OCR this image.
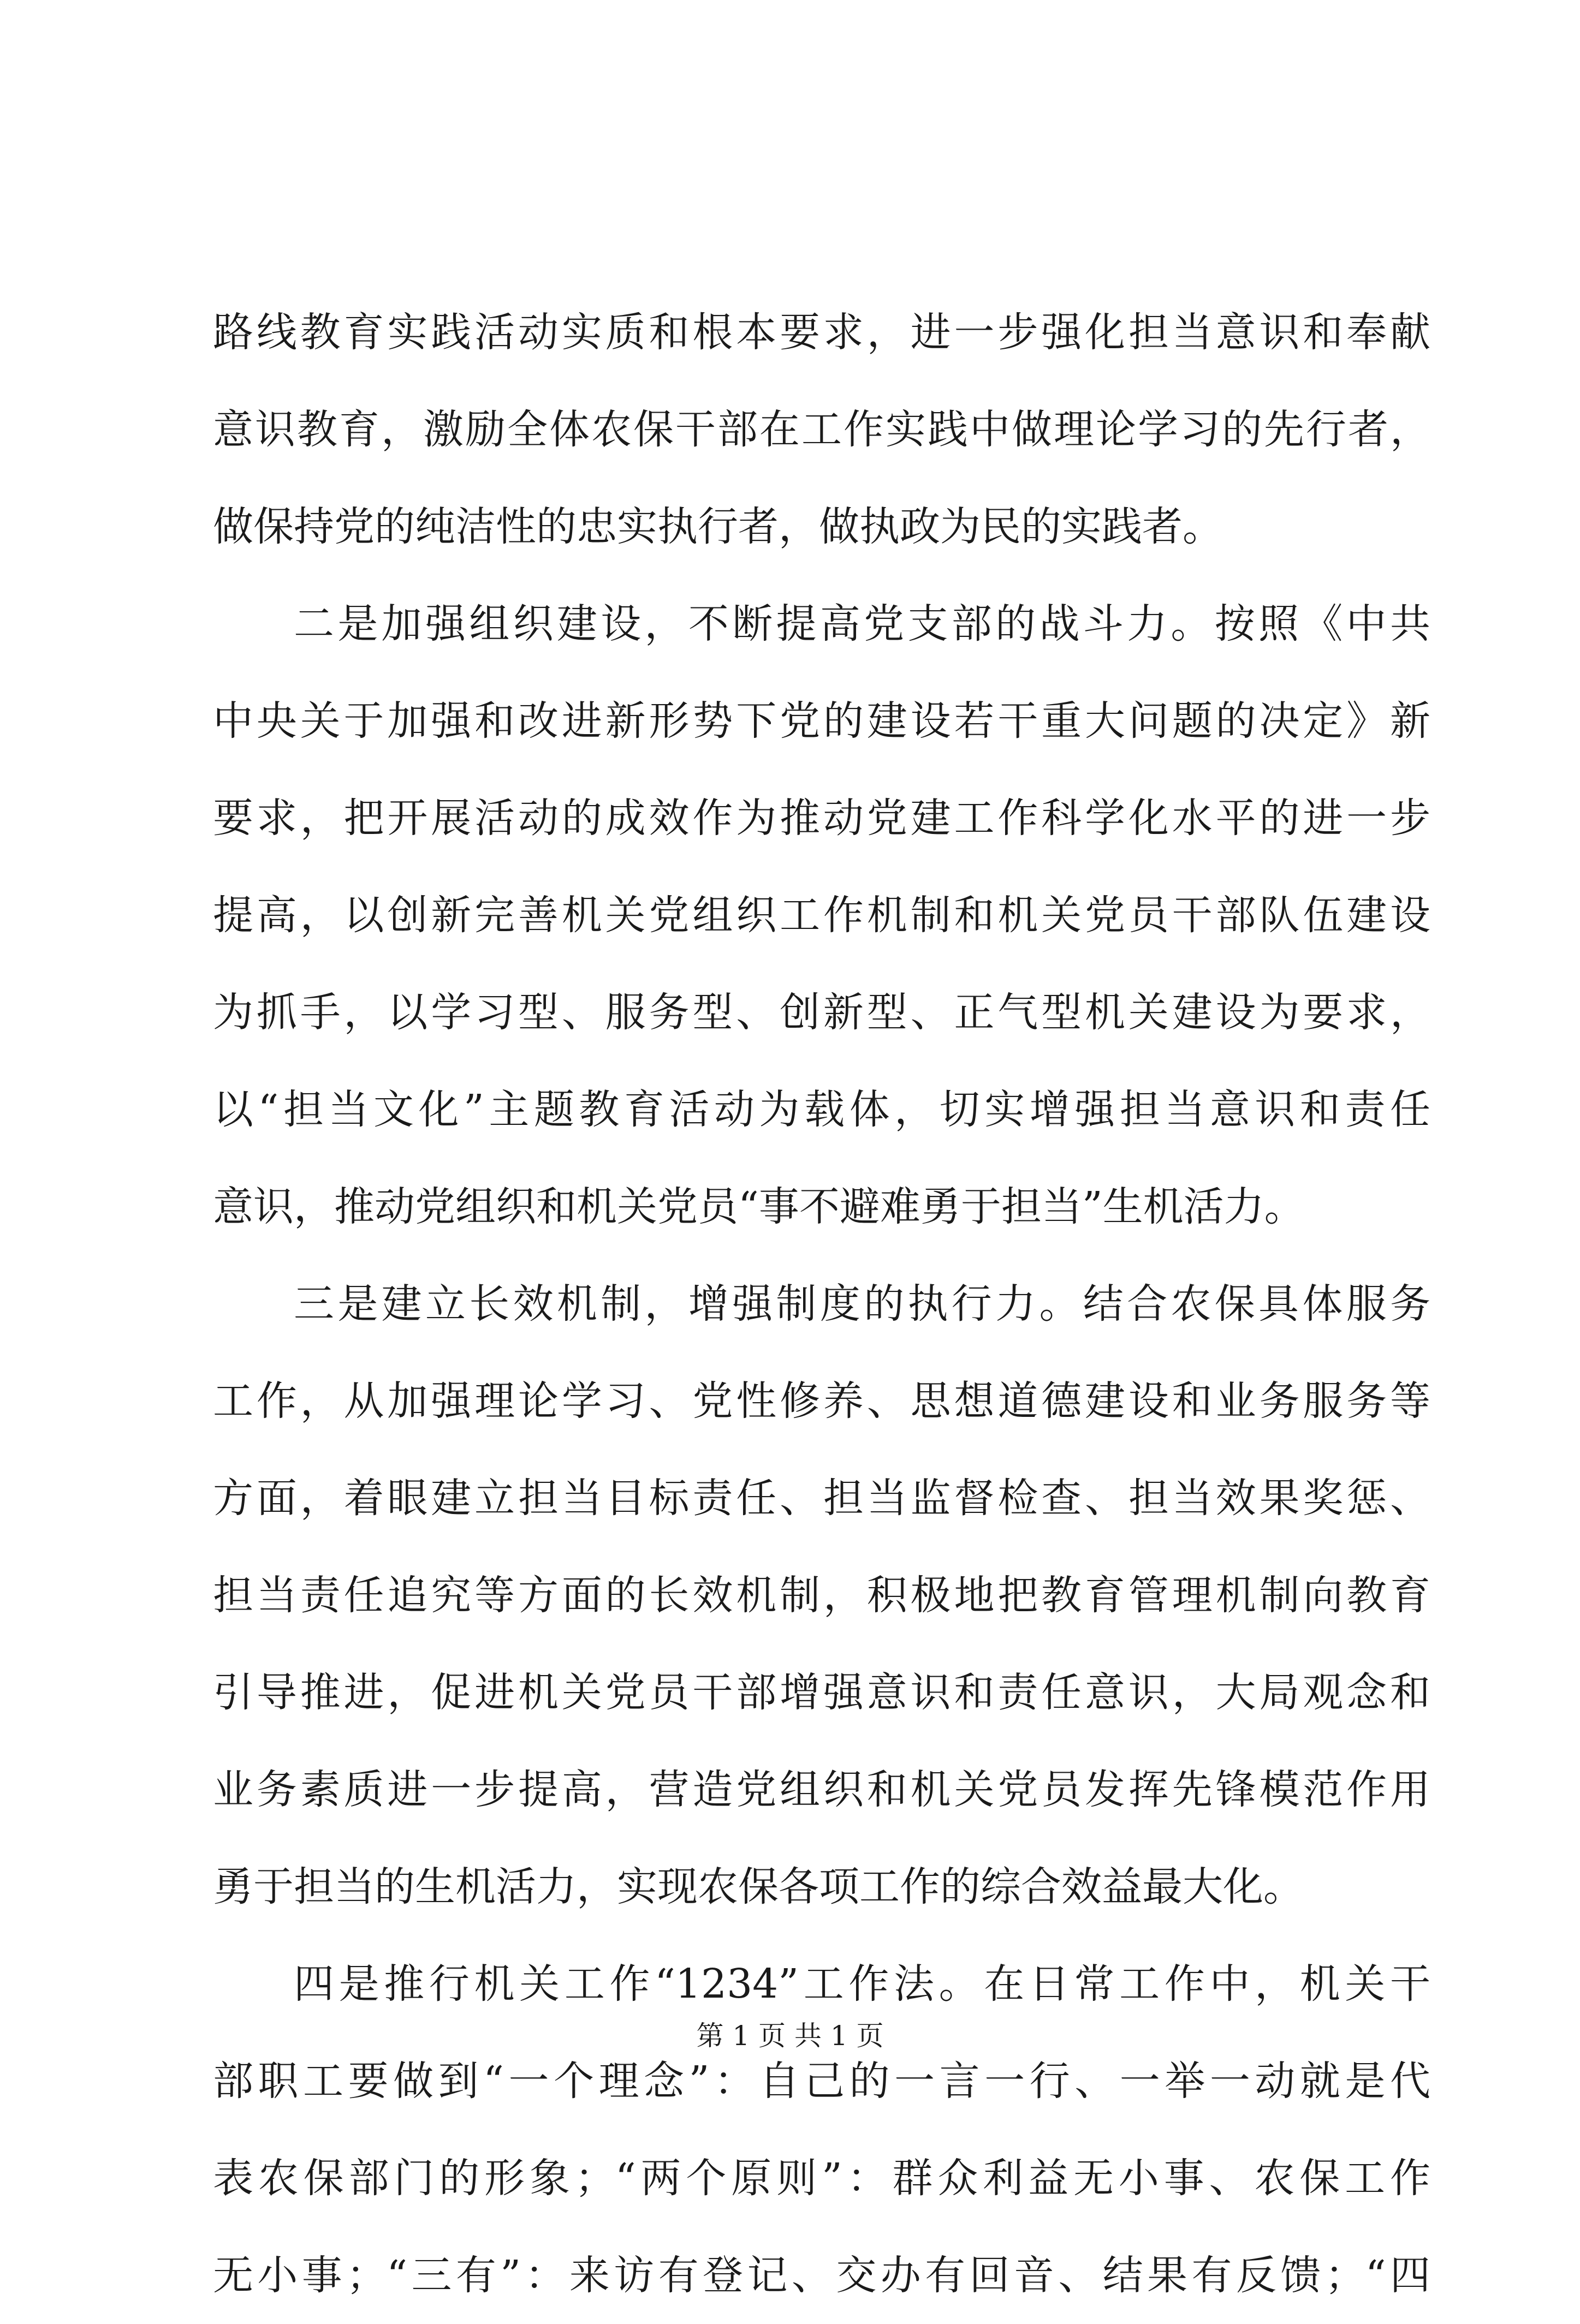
路线教育实践活动实质和根本要求，进一步强化担当意识和奉献
意识教育，激励全体农保干部在工作实践中做理论学习的先行者，
做保持党的纯洁性的忠实执行者，做执政为民的实践者。
二是加强组织建设，不断提高党支部的战斗力。按照《中共
中央关于加强和改进新形势下党的建设若干重大问题的决定》新
要求，把开展活动的成效作为推动党建工作科学化水平的进一步
提高，以创新完善机关党组织工作机制和机关党员干部队伍建设
为抓手，以学习型、服务型、创新型、正气型机关建设为要求，
以“担当文化”主题教育活动为载体，切实增强担当意识和责任
意识，推动党组织和机关党员“事不避难勇于担当”生机活力。
三是建立长效机制，增强制度的执行力。结合农保具体服务
工作，从加强理论学习、党性修养、思想道德建设和业务服务等
方面，着眼建立担当目标责任、担当监督检查、担当效果奖惩、
担当责任追究等方面的长效机制，积极地把教育管理机制向教育
引导推进，促进机关党员干部增强意识和责任意识，大局观念和
业务素质进一步提高，营造党组织和机关党员发挥先锋模范作用
勇于担当的生机活力，实现农保各项工作的综合效益最大化。
四是推行机关工作“1234”工作法。在日常工作中，机关干
部职工要做到“一个理念”：自己的一言一行、一举一动就是代
表农保部门的形象；“两个原则”：群众利益无小事、农保工作
无小事；“三有”：来访有登记、交办有回音、结果有反馈；“四
第 1 页 共 1 页
